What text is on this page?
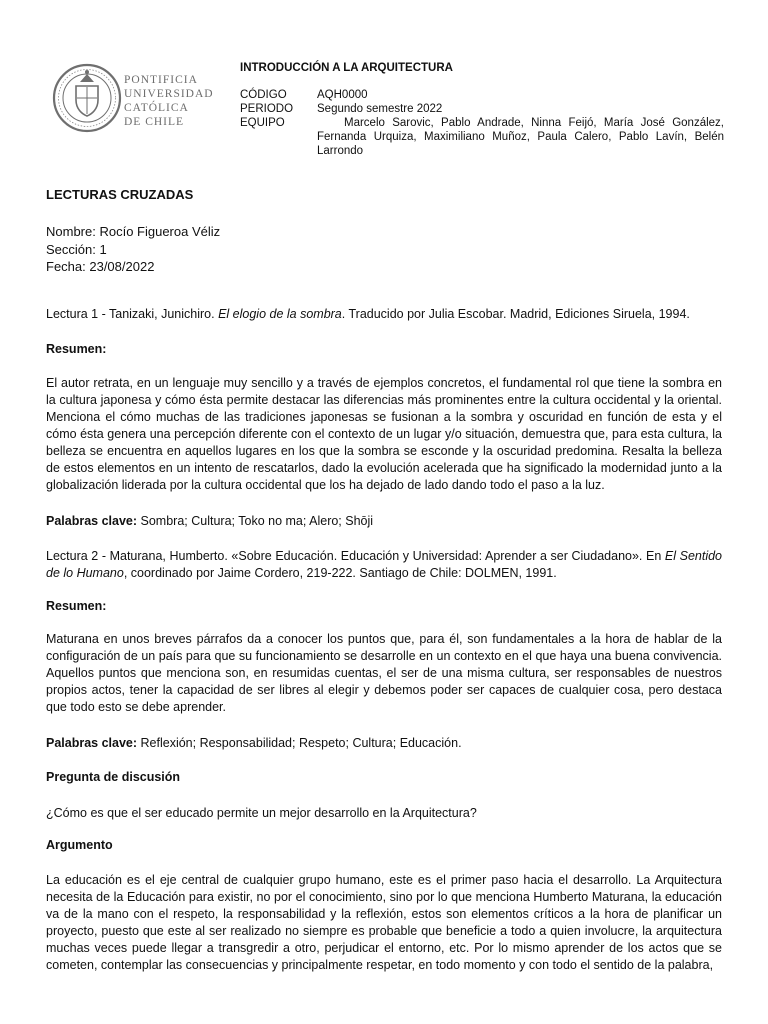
PONTIFICIA
UNIVERSIDAD
CATÓLICA
DE CHILE
INTRODUCCIÓN A LA ARQUITECTURA
CÓDIGO	AQH0000
PERIODO	Segundo semestre 2022
EQUIPO	Marcelo Sarovic, Pablo Andrade, Ninna Feijó, María José González, Fernanda Urquiza, Maximiliano Muñoz, Paula Calero, Pablo Lavín, Belén Larrondo
LECTURAS CRUZADAS
Nombre: Rocío Figueroa Véliz
Sección: 1
Fecha: 23/08/2022
Lectura 1 - Tanizaki, Junichiro. El elogio de la sombra. Traducido por Julia Escobar. Madrid, Ediciones Siruela, 1994.
Resumen:
El autor retrata, en un lenguaje muy sencillo y a través de ejemplos concretos, el fundamental rol que tiene la sombra en la cultura japonesa y cómo ésta permite destacar las diferencias más prominentes entre la cultura occidental y la oriental. Menciona el cómo muchas de las tradiciones japonesas se fusionan a la sombra y oscuridad en función de esta y el cómo ésta genera una percepción diferente con el contexto de un lugar y/o situación, demuestra que, para esta cultura, la belleza se encuentra en aquellos lugares en los que la sombra se esconde y la oscuridad predomina. Resalta la belleza de estos elementos en un intento de rescatarlos, dado la evolución acelerada que ha significado la modernidad junto a la globalización liderada por la cultura occidental que los ha dejado de lado dando todo el paso a la luz.
Palabras clave: Sombra; Cultura; Toko no ma; Alero; Shōji
Lectura 2 - Maturana, Humberto. «Sobre Educación. Educación y Universidad: Aprender a ser Ciudadano». En El Sentido de lo Humano, coordinado por Jaime Cordero, 219-222. Santiago de Chile: DOLMEN, 1991.
Resumen:
Maturana en unos breves párrafos da a conocer los puntos que, para él, son fundamentales a la hora de hablar de la configuración de un país para que su funcionamiento se desarrolle en un contexto en el que haya una buena convivencia. Aquellos puntos que menciona son, en resumidas cuentas, el ser de una misma cultura, ser responsables de nuestros propios actos, tener la capacidad de ser libres al elegir y debemos poder ser capaces de cualquier cosa, pero destaca que todo esto se debe aprender.
Palabras clave: Reflexión; Responsabilidad; Respeto; Cultura; Educación.
Pregunta de discusión
¿Cómo es que el ser educado permite un mejor desarrollo en la Arquitectura?
Argumento
La educación es el eje central de cualquier grupo humano, este es el primer paso hacia el desarrollo. La Arquitectura necesita de la Educación para existir, no por el conocimiento, sino por lo que menciona Humberto Maturana, la educación va de la mano con el respeto, la responsabilidad y la reflexión, estos son elementos críticos a la hora de planificar un proyecto, puesto que este al ser realizado no siempre es probable que beneficie a todo a quien involucre, la arquitectura muchas veces puede llegar a transgredir a otro, perjudicar el entorno, etc. Por lo mismo aprender de los actos que se cometen, contemplar las consecuencias y principalmente respetar, en todo momento y con todo el sentido de la palabra,
